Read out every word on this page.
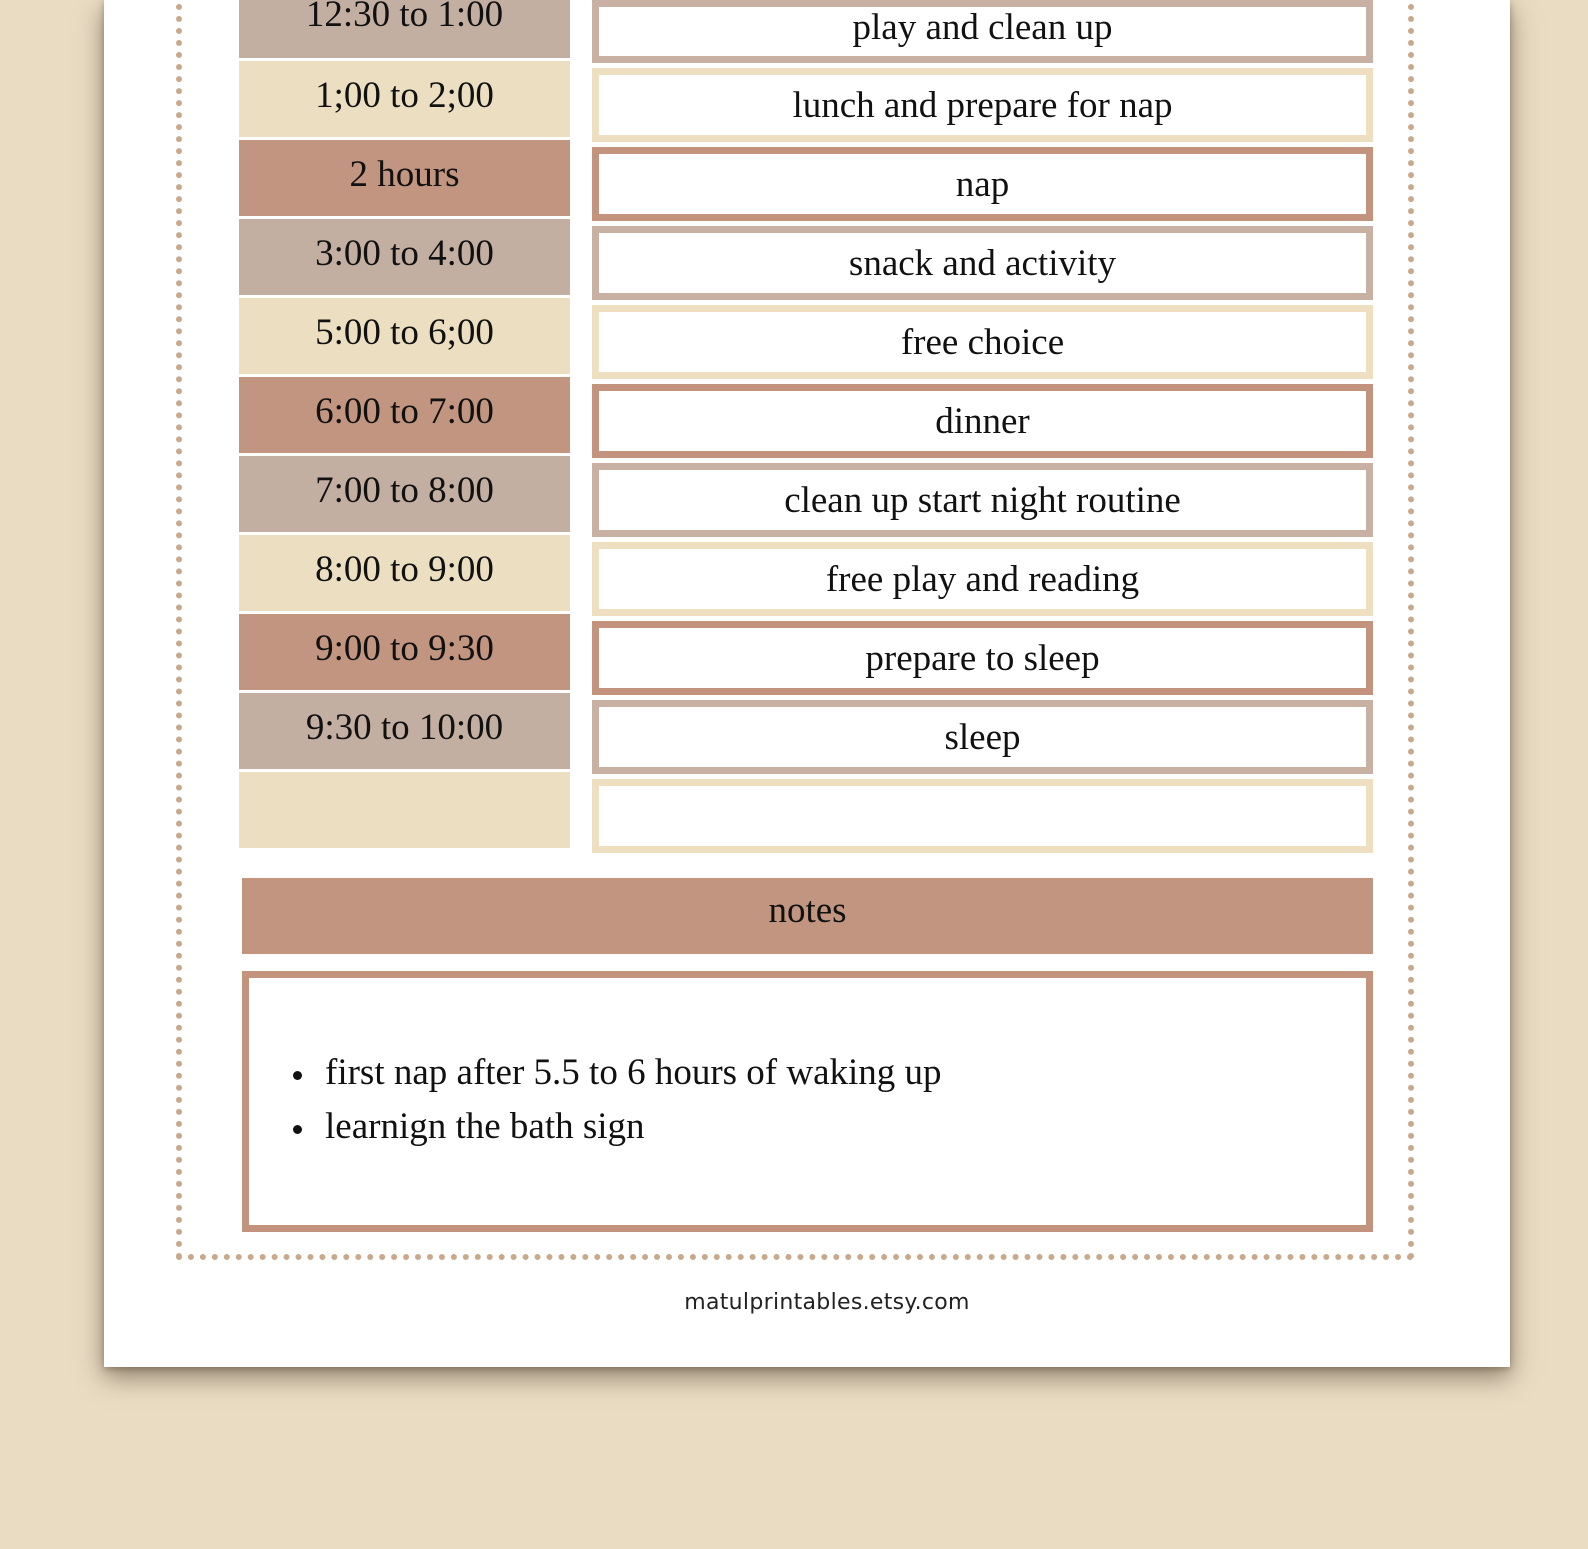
12:30 to 1:00
1;00 to 2;00
2 hours
3:00 to 4:00
5:00 to 6;00
6:00 to 7:00
7:00 to 8:00
8:00 to 9:00
9:00 to 9:30
9:30 to 10:00
play and clean up
lunch and prepare for nap
nap
snack and activity
free choice
dinner
clean up start night routine
free play and reading
prepare to sleep
sleep
notes
first nap after 5.5 to 6 hours of waking up
learnign the bath sign
matulprintables.etsy.com
